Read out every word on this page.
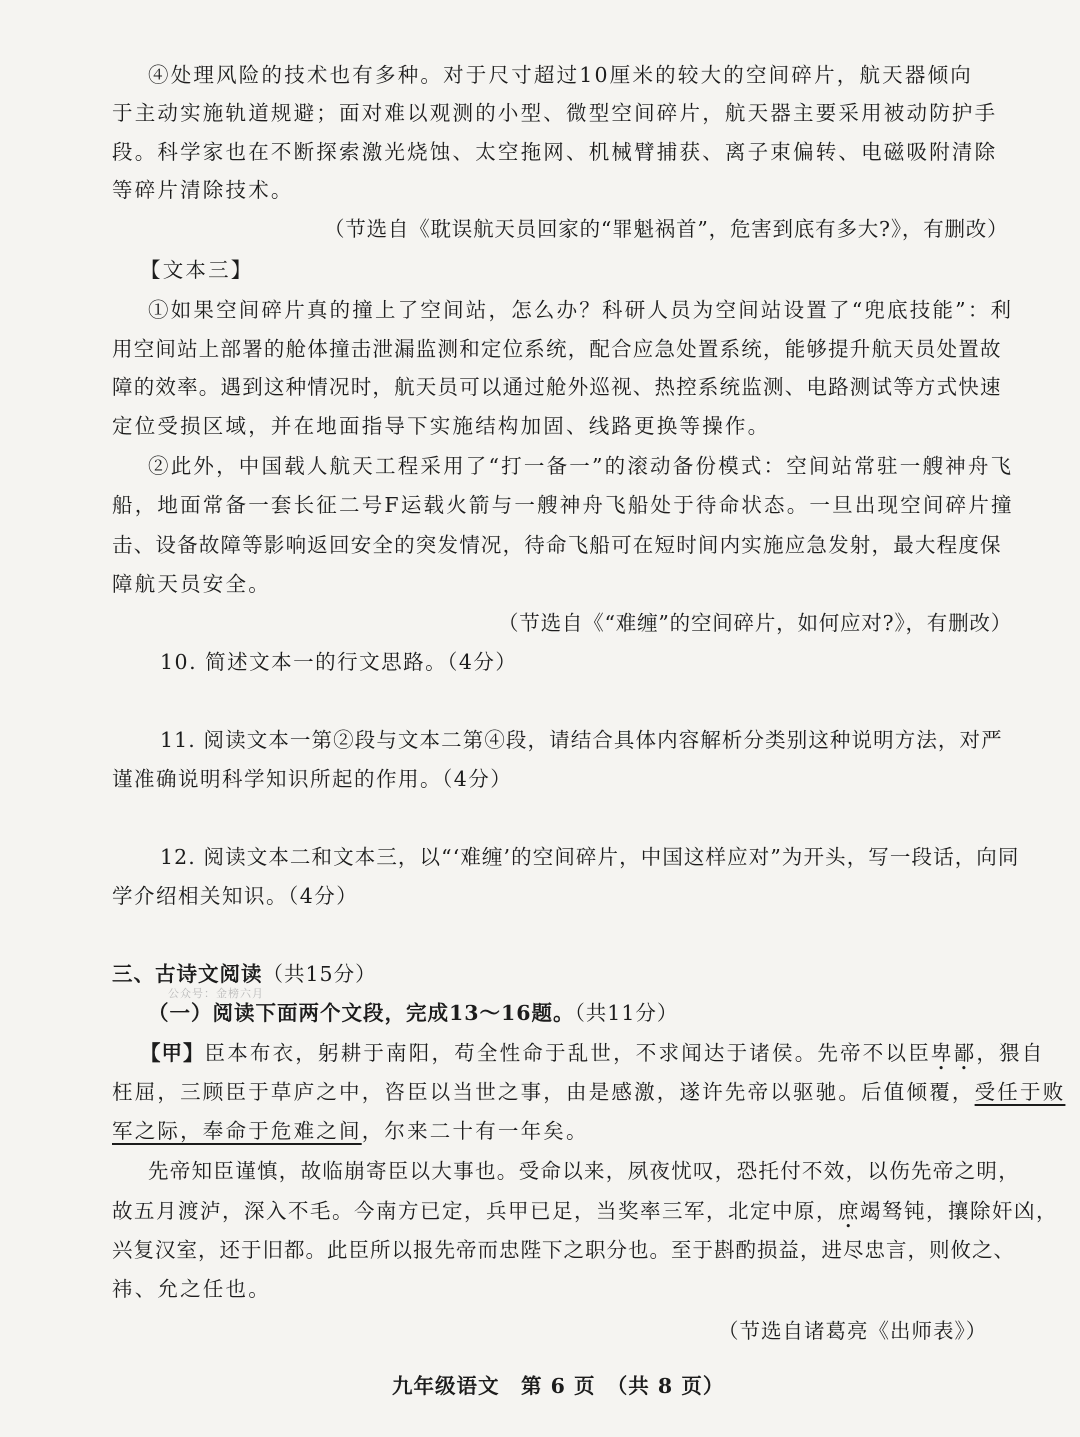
④处理风险的技术也有多种。对于尺寸超过10厘米的较大的空间碎片，航天器倾向
于主动实施轨道规避；面对难以观测的小型、微型空间碎片，航天器主要采用被动防护手
段。科学家也在不断探索激光烧蚀、太空拖网、机械臂捕获、离子束偏转、电磁吸附清除
等碎片清除技术。
（节选自《耽误航天员回家的“罪魁祸首”，危害到底有多大?》，有删改）
【文本三】
①如果空间碎片真的撞上了空间站，怎么办？科研人员为空间站设置了“兜底技能”：利
用空间站上部署的舱体撞击泄漏监测和定位系统，配合应急处置系统，能够提升航天员处置故
障的效率。遇到这种情况时，航天员可以通过舱外巡视、热控系统监测、电路测试等方式快速
定位受损区域，并在地面指导下实施结构加固、线路更换等操作。
②此外，中国载人航天工程采用了“打一备一”的滚动备份模式：空间站常驻一艘神舟飞
船，地面常备一套长征二号F运载火箭与一艘神舟飞船处于待命状态。一旦出现空间碎片撞
击、设备故障等影响返回安全的突发情况，待命飞船可在短时间内实施应急发射，最大程度保
障航天员安全。
（节选自《“难缠”的空间碎片，如何应对?》，有删改）
10. 简述文本一的行文思路。（4分）
11. 阅读文本一第②段与文本二第④段，请结合具体内容解析分类别这种说明方法，对严
谨准确说明科学知识所起的作用。（4分）
12. 阅读文本二和文本三，以“‘难缠’的空间碎片，中国这样应对”为开头，写一段话，向同
学介绍相关知识。（4分）
三、古诗文阅读（共15分）
公众号：金榜六月
（一）阅读下面两个文段，完成13～16题。（共11分）
【甲】臣本布衣，躬耕于南阳，苟全性命于乱世，不求闻达于诸侯。先帝不以臣卑鄙，猥自
枉屈，三顾臣于草庐之中，咨臣以当世之事，由是感激，遂许先帝以驱驰。后值倾覆，受任于败
军之际，奉命于危难之间，尔来二十有一年矣。
先帝知臣谨慎，故临崩寄臣以大事也。受命以来，夙夜忧叹，恐托付不效，以伤先帝之明，
故五月渡泸，深入不毛。今南方已定，兵甲已足，当奖率三军，北定中原，庶竭驽钝，攘除奸凶，
兴复汉室，还于旧都。此臣所以报先帝而忠陛下之职分也。至于斟酌损益，进尽忠言，则攸之、
祎、允之任也。
（节选自诸葛亮《出师表》）
九年级语文　第 6 页　（共 8 页）
